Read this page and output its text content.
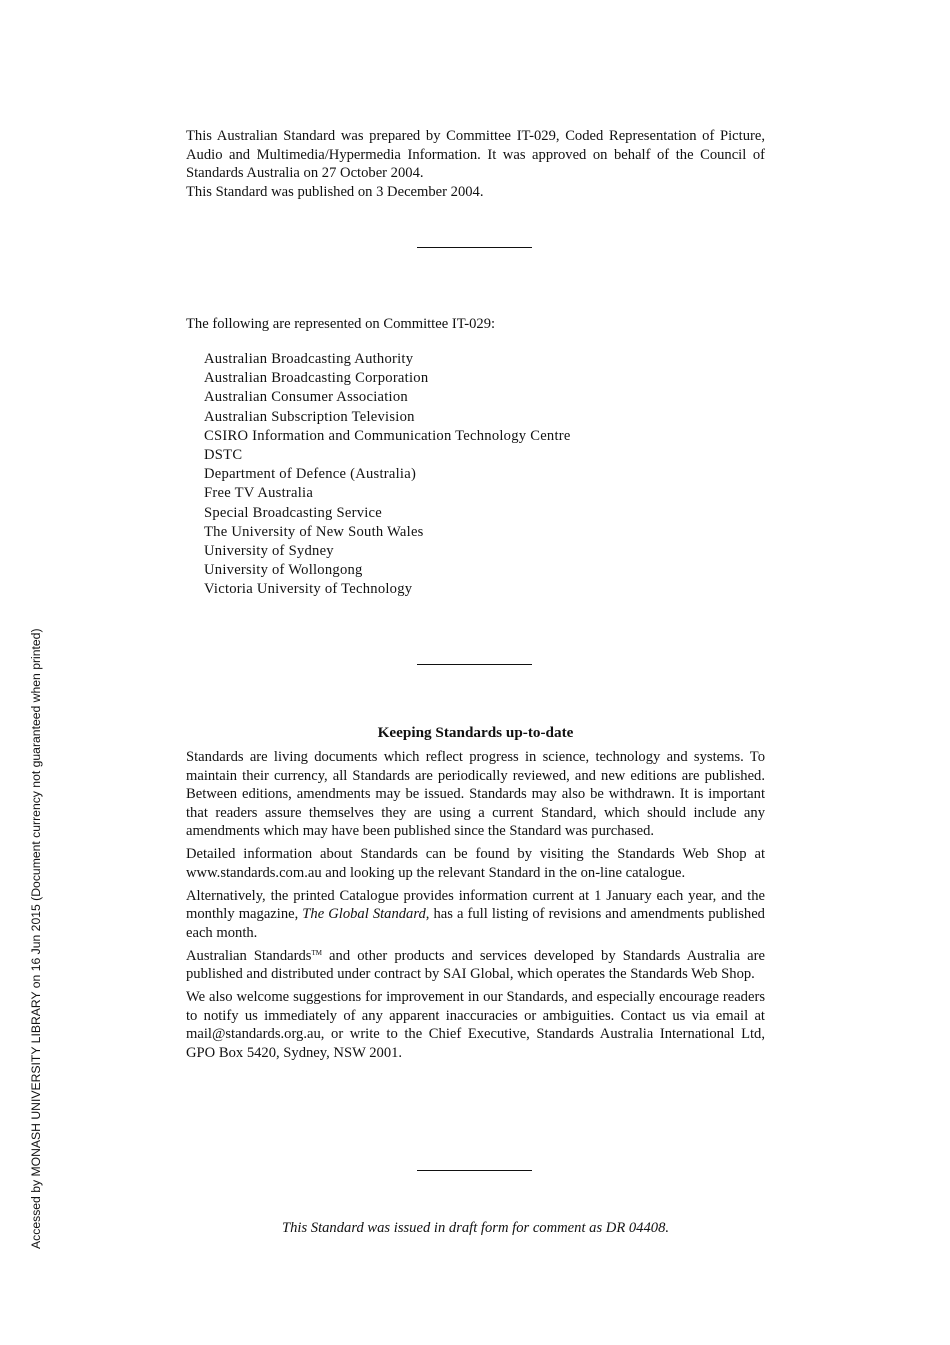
This Australian Standard was prepared by Committee IT-029, Coded Representation of Picture, Audio and Multimedia/Hypermedia Information. It was approved on behalf of the Council of Standards Australia on 27 October 2004.

This Standard was published on 3 December 2004.
The following are represented on Committee IT-029:
Australian Broadcasting Authority
Australian Broadcasting Corporation
Australian Consumer Association
Australian Subscription Television
CSIRO Information and Communication Technology Centre
DSTC
Department of Defence (Australia)
Free TV Australia
Special Broadcasting Service
The University of New South Wales
University of Sydney
University of Wollongong
Victoria University of Technology
Keeping Standards up-to-date

Standards are living documents which reflect progress in science, technology and systems. To maintain their currency, all Standards are periodically reviewed, and new editions are published. Between editions, amendments may be issued. Standards may also be withdrawn. It is important that readers assure themselves they are using a current Standard, which should include any amendments which may have been published since the Standard was purchased.

Detailed information about Standards can be found by visiting the Standards Web Shop at www.standards.com.au and looking up the relevant Standard in the on-line catalogue.

Alternatively, the printed Catalogue provides information current at 1 January each year, and the monthly magazine, The Global Standard, has a full listing of revisions and amendments published each month.

Australian Standards™ and other products and services developed by Standards Australia are published and distributed under contract by SAI Global, which operates the Standards Web Shop.

We also welcome suggestions for improvement in our Standards, and especially encourage readers to notify us immediately of any apparent inaccuracies or ambiguities. Contact us via email at mail@standards.org.au, or write to the Chief Executive, Standards Australia International Ltd, GPO Box 5420, Sydney, NSW 2001.

This Standard was issued in draft form for comment as DR 04408.
Accessed by MONASH UNIVERSITY LIBRARY on 16 Jun 2015 (Document currency not guaranteed when printed)
